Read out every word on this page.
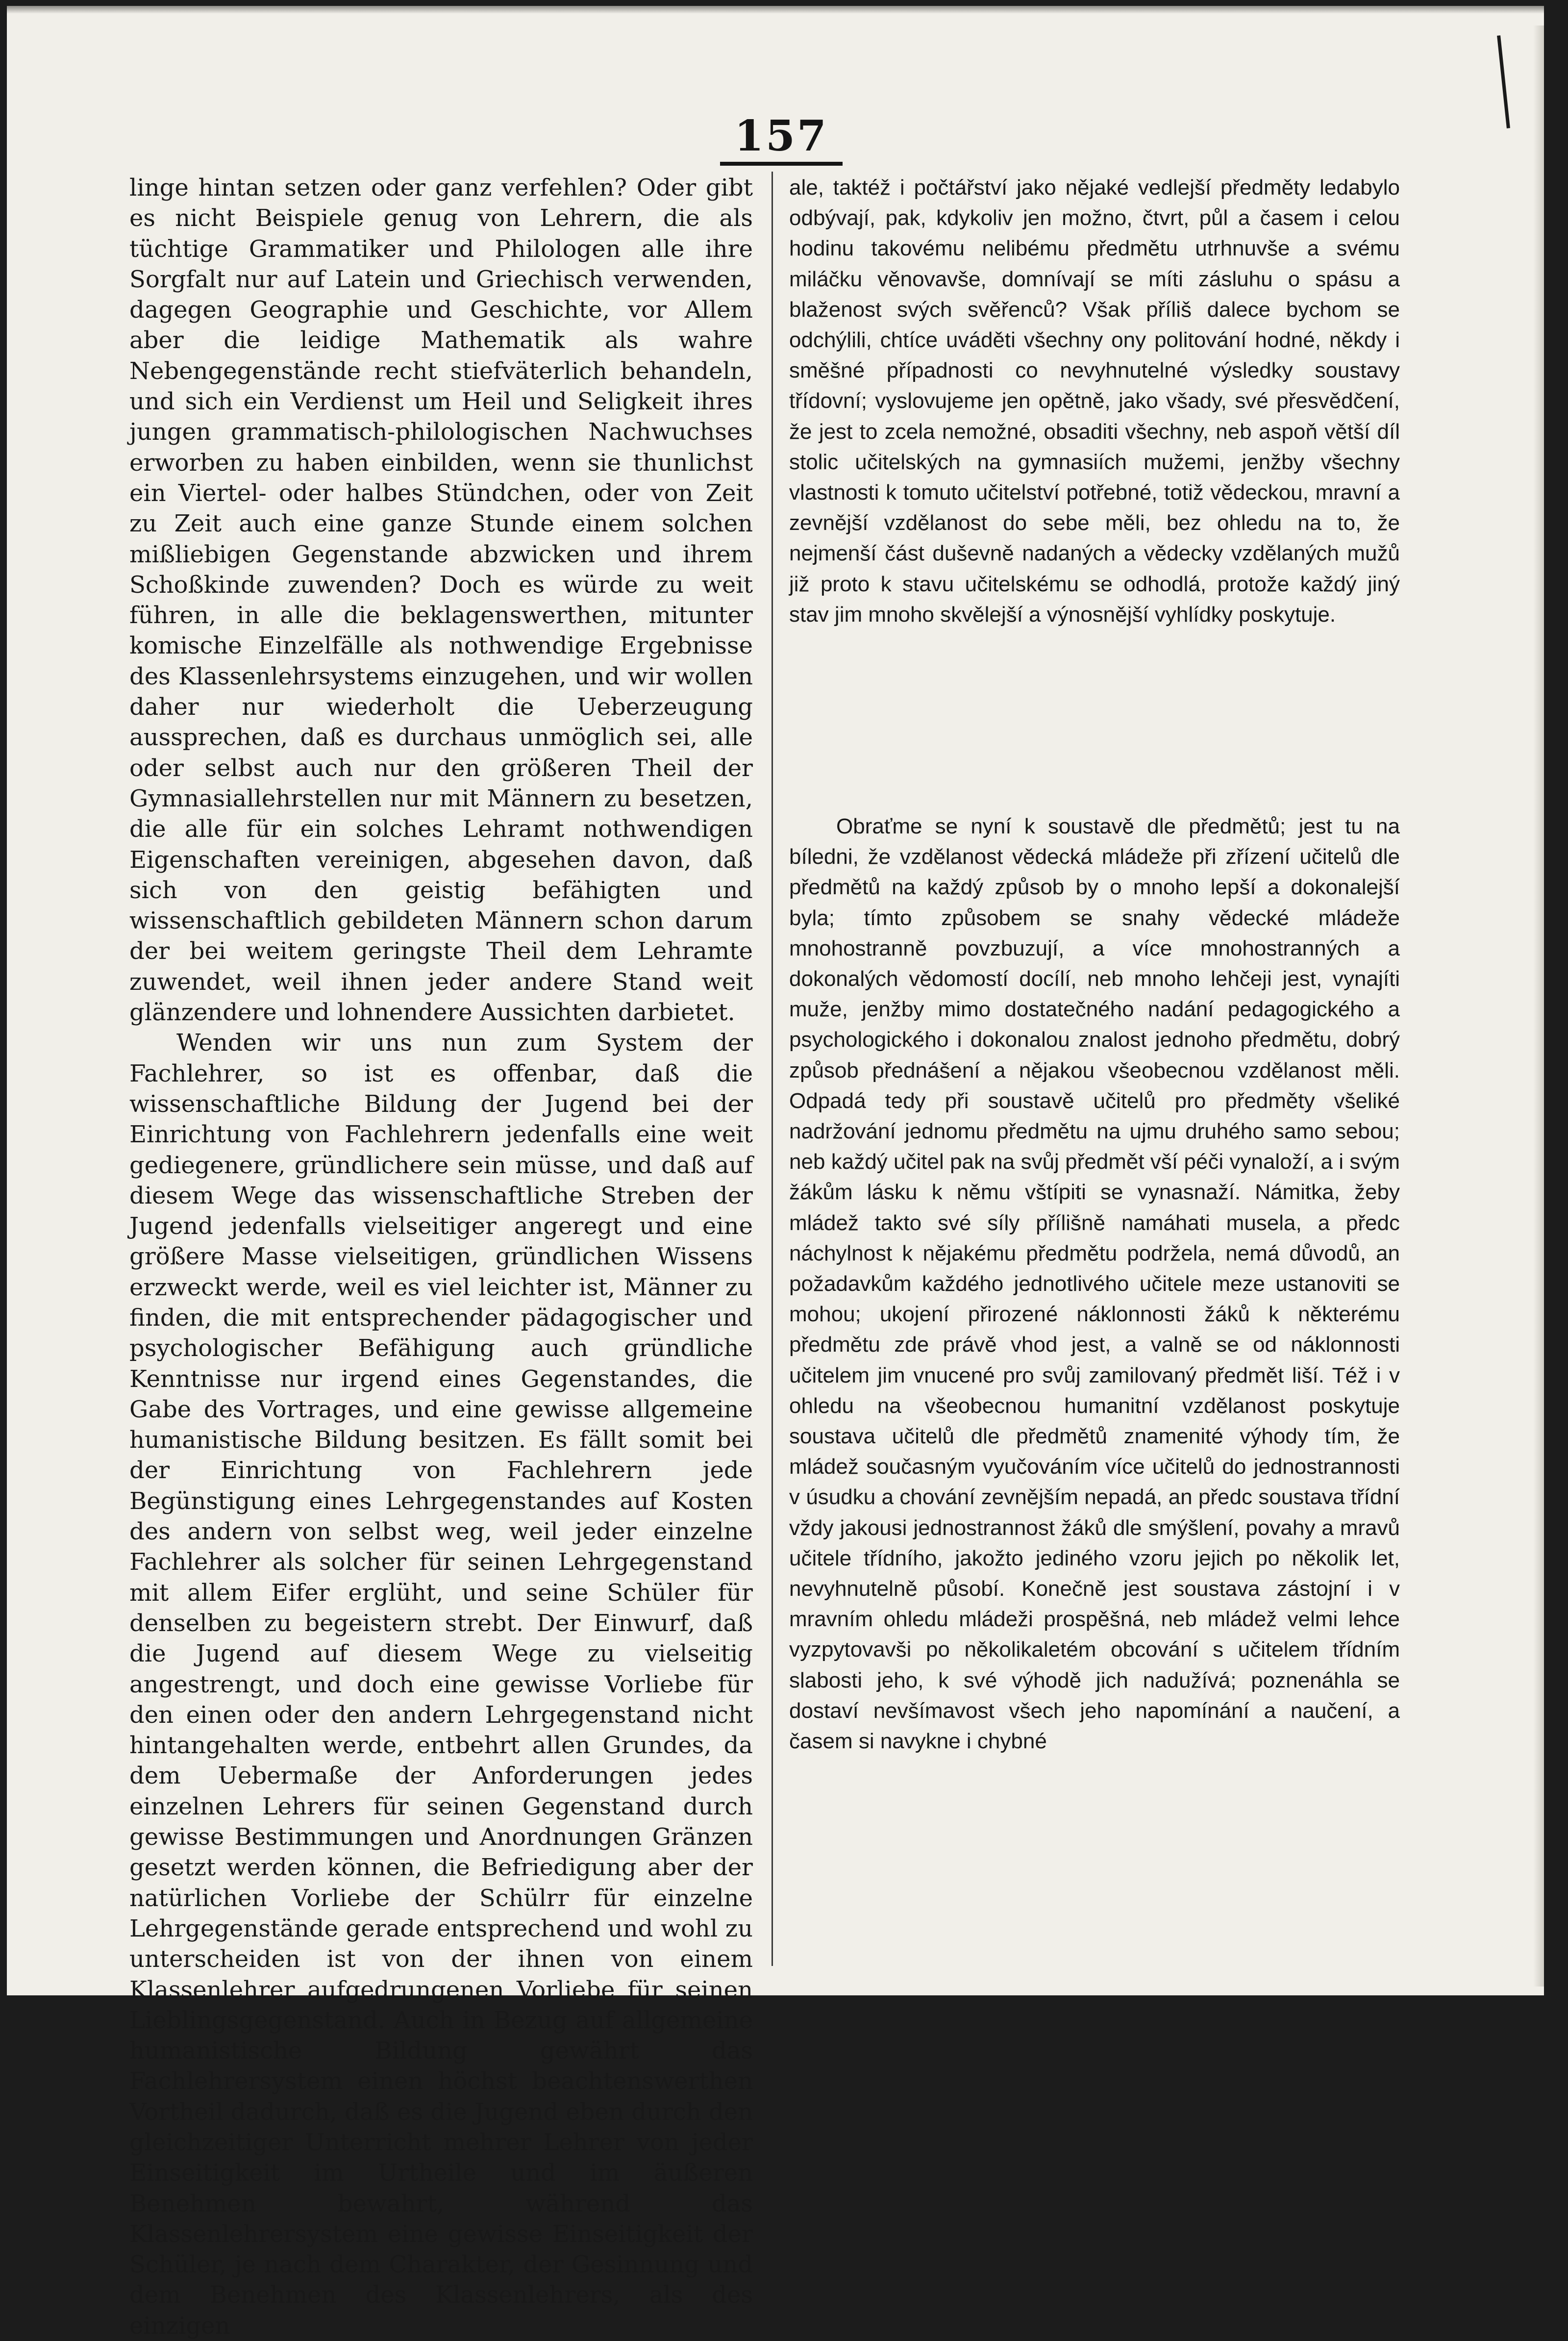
157

linge hintan setzen oder ganz verfehlen? Oder gibt es nicht Beispiele genug von Lehrern, die als tüchtige Grammatiker und Philologen alle ihre Sorgfalt nur auf Latein und Griechisch verwenden, dagegen Geographie und Geschichte, vor Allem aber die leidige Mathematik als wahre Nebengegenstände recht stiefväterlich behandeln, und sich ein Verdienst um Heil und Seligkeit ihres jungen grammatisch-philologischen Nachwuchses erworben zu haben einbilden, wenn sie thunlichst ein Viertel- oder halbes Stündchen, oder von Zeit zu Zeit auch eine ganze Stunde einem solchen mißliebigen Gegenstande abzwicken und ihrem Schoßkinde zuwenden? Doch es würde zu weit führen, in alle die beklagenswerthen, mitunter komische Einzelfälle als nothwendige Ergebnisse des Klassenlehrsystems einzugehen, und wir wollen daher nur wiederholt die Ueberzeugung aussprechen, daß es durchaus unmöglich sei, alle oder selbst auch nur den größeren Theil der Gymnasiallehrstellen nur mit Männern zu besetzen, die alle für ein solches Lehramt nothwendigen Eigenschaften vereinigen, abgesehen davon, daß sich von den geistig befähigten und wissenschaftlich gebildeten Männern schon darum der bei weitem geringste Theil dem Lehramte zuwendet, weil ihnen jeder andere Stand weit glänzendere und lohnendere Aussichten darbietet.

Wenden wir uns nun zum System der Fachlehrer, so ist es offenbar, daß die wissenschaftliche Bildung der Jugend bei der Einrichtung von Fachlehrern jedenfalls eine weit gediegenere, gründlichere sein müsse, und daß auf diesem Wege das wissenschaftliche Streben der Jugend jedenfalls vielseitiger angeregt und eine größere Masse vielseitigen, gründlichen Wissens erzweckt werde, weil es viel leichter ist, Männer zu finden, die mit entsprechender pädagogischer und psychologischer Befähigung auch gründliche Kenntnisse nur irgend eines Gegenstandes, die Gabe des Vortrages, und eine gewisse allgemeine humanistische Bildung besitzen. Es fällt somit bei der Einrichtung von Fachlehrern jede Begünstigung eines Lehrgegenstandes auf Kosten des andern von selbst weg, weil jeder einzelne Fachlehrer als solcher für seinen Lehrgegenstand mit allem Eifer erglüht, und seine Schüler für denselben zu begeistern strebt. Der Einwurf, daß die Jugend auf diesem Wege zu vielseitig angestrengt, und doch eine gewisse Vorliebe für den einen oder den andern Lehrgegenstand nicht hintangehalten werde, entbehrt allen Grundes, da dem Uebermaße der Anforderungen jedes einzelnen Lehrers für seinen Gegenstand durch gewisse Bestimmungen und Anordnungen Gränzen gesetzt werden können, die Befriedigung aber der natürlichen Vorliebe der Schülrr für einzelne Lehrgegenstände gerade entsprechend und wohl zu unterscheiden ist von der ihnen von einem Klassenlehrer aufgedrungenen Vorliebe für seinen Lieblingsgegenstand. Auch in Bezug auf allgemeine humanistische Bildung gewährt das Fachlehrersystem einen höchst beachtenswerthen Vortheil dadurch, daß es die Jugend eben durch den gleichzeitiger Unterricht mehrer Lehrer von jeder Einseitigkeit im Urtheile und im äußeren Benehmen bewahrt, während das Klassenlehrersystem eine gewisse Einseitigkeit der Schüler, je nach dem Charakter, der Gesinnung und dem Benehmen des Klassenlehrers, als des einzigen

ale, taktéž i počtářství jako nějaké vedlejší předměty ledabylo odbývají, pak, kdykoliv jen možno, čtvrt, půl a časem i celou hodinu takovému nelibému předmětu utrhnuvše a svému miláčku věnovavše, domnívají se míti zásluhu o spásu a blaženost svých svěřenců? Však příliš dalece bychom se odchýlili, chtíce uváděti všechny ony politování hodné, někdy i směšné případnosti co nevyhnutelné výsledky soustavy třídovní; vyslovujeme jen opětně, jako všady, své přesvědčení, že jest to zcela nemožné, obsaditi všechny, neb aspoň větší díl stolic učitelských na gymnasiích mužemi, jenžby všechny vlastnosti k tomuto učitelství potřebné, totiž vědeckou, mravní a zevnější vzdělanost do sebe měli, bez ohledu na to, že nejmenší část duševně nadaných a vědecky vzdělaných mužů již proto k stavu učitelskému se odhodlá, protože každý jiný stav jim mnoho skvělejší a výnosnější vyhlídky poskytuje.

Obraťme se nyní k soustavě dle předmětů; jest tu na bíledni, že vzdělanost vědecká mládeže při zřízení učitelů dle předmětů na každý způsob by o mnoho lepší a dokonalejší byla; tímto způsobem se snahy vědecké mládeže mnohostranně povzbuzují, a více mnohostranných a dokonalých vědomostí docílí, neb mnoho lehčeji jest, vynajíti muže, jenžby mimo dostatečného nadání pedagogického a psychologického i dokonalou znalost jednoho předmětu, dobrý způsob přednášení a nějakou všeobecnou vzdělanost měli. Odpadá tedy při soustavě učitelů pro předměty všeliké nadržování jednomu předmětu na ujmu druhého samo sebou; neb každý učitel pak na svůj předmět vší péči vynaloží, a i svým žákům lásku k němu vštípiti se vynasnaží. Námitka, žeby mládež takto své síly přílišně namáhati musela, a předc náchylnost k nějakému předmětu podržela, nemá důvodů, an požadavkům každého jednotlivého učitele meze ustanoviti se mohou; ukojení přirozené náklonnosti žáků k některému předmětu zde právě vhod jest, a valně se od náklonnosti učitelem jim vnucené pro svůj zamilovaný předmět liší. Též i v ohledu na všeobecnou humanitní vzdělanost poskytuje soustava učitelů dle předmětů znamenité výhody tím, že mládež současným vyučováním více učitelů do jednostrannosti v úsudku a chování zevnějším nepadá, an předc soustava třídní vždy jakousi jednostrannost žáků dle smýšlení, povahy a mravů učitele třídního, jakožto jediného vzoru jejich po několik let, nevyhnutelně působí. Konečně jest soustava zástojní i v mravním ohledu mládeži prospěšná, neb mládež velmi lehce vyzpytovavši po několikaletém obcování s učitelem třídním slabosti jeho, k své výhodě jich nadužívá; poznenáhla se dostaví nevšímavost všech jeho napomínání a naučení, a časem si navykne i chybné
